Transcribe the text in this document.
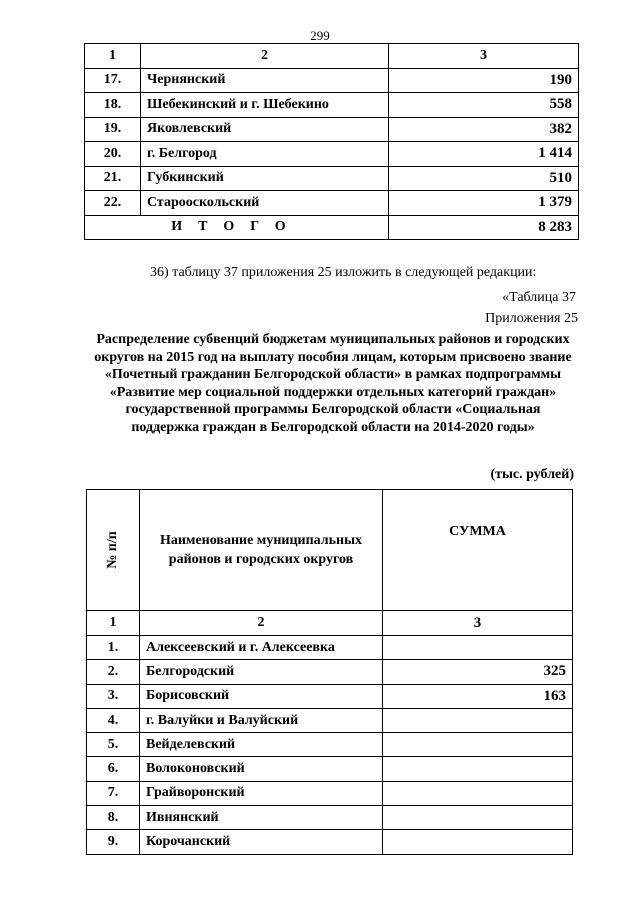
299
1	2	3
17.	Чернянский	190
18.	Шебекинский и г. Шебекино	558
19.	Яковлевский	382
20.	г. Белгород	1 414
21.	Губкинский	510
22.	Старооскольский	1 379
ИТОГО		8 283
36) таблицу 37 приложения 25 изложить в следующей редакции:
«Таблица 37
Приложения 25
Распределение субвенций бюджетам муниципальных районов и городских округов на 2015 год на выплату пособия лицам, которым присвоено звание «Почетный гражданин Белгородской области» в рамках подпрограммы «Развитие мер социальной поддержки отдельных категорий граждан» государственной программы Белгородской области «Социальная поддержка граждан в Белгородской области на 2014-2020 годы»
(тыс. рублей)
№ п/п	Наименование муниципальных районов и городских округов	СУММА
1	2	3
1.	Алексеевский и г. Алексеевка	
2.	Белгородский	325
3.	Борисовский	163
4.	г. Валуйки и Валуйский	
5.	Вейделевский	
6.	Волоконовский	
7.	Грайворонский	
8.	Ивнянский	
9.	Корочанский	
